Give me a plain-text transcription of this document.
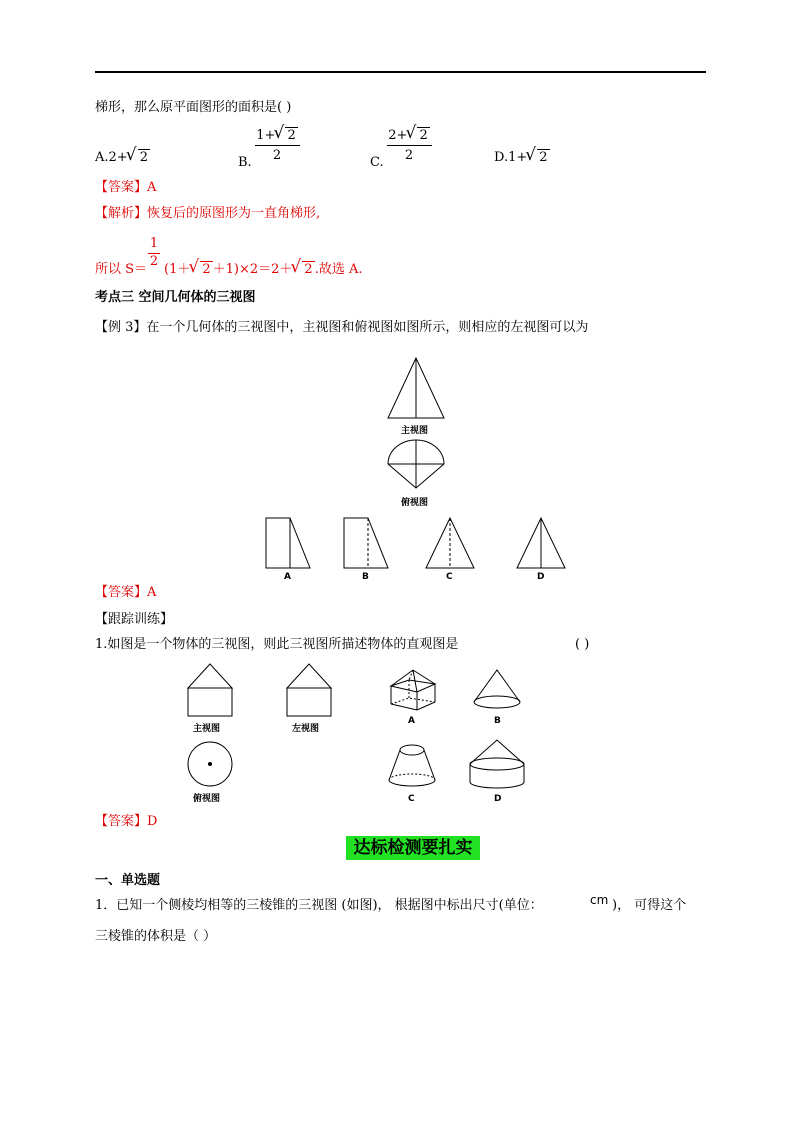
梯形，那么原平面图形的面积是( )
A.2+ √ 2	B.
1+ √ 2
2	C.
2+ √ 2
2	D.1+ √ 2
【答案】A
【解析】恢复后的原图形为一直角梯形,
所以 S＝
1
2
(1＋ √ 2 ＋1)×2＝2＋ √ 2 .故选 A.
考点三 空间几何体的三视图
【例 3】在一个几何体的三视图中，主视图和俯视图如图所示，则相应的左视图可以为
主视图
俯视图
A	B	C	D
【答案】A
【跟踪训练】
1.如图是一个物体的三视图，则此三视图所描述物体的直观图是	( )
主视图	左视图
俯视图
A	B
C	D
【答案】D
达标检测要扎实
一、单选题
1．已知一个侧棱均相等的三棱锥的三视图 (如图)， 根据图中标出尺寸(单位：	cm )， 可得这个
三棱锥的体积是（ ）
